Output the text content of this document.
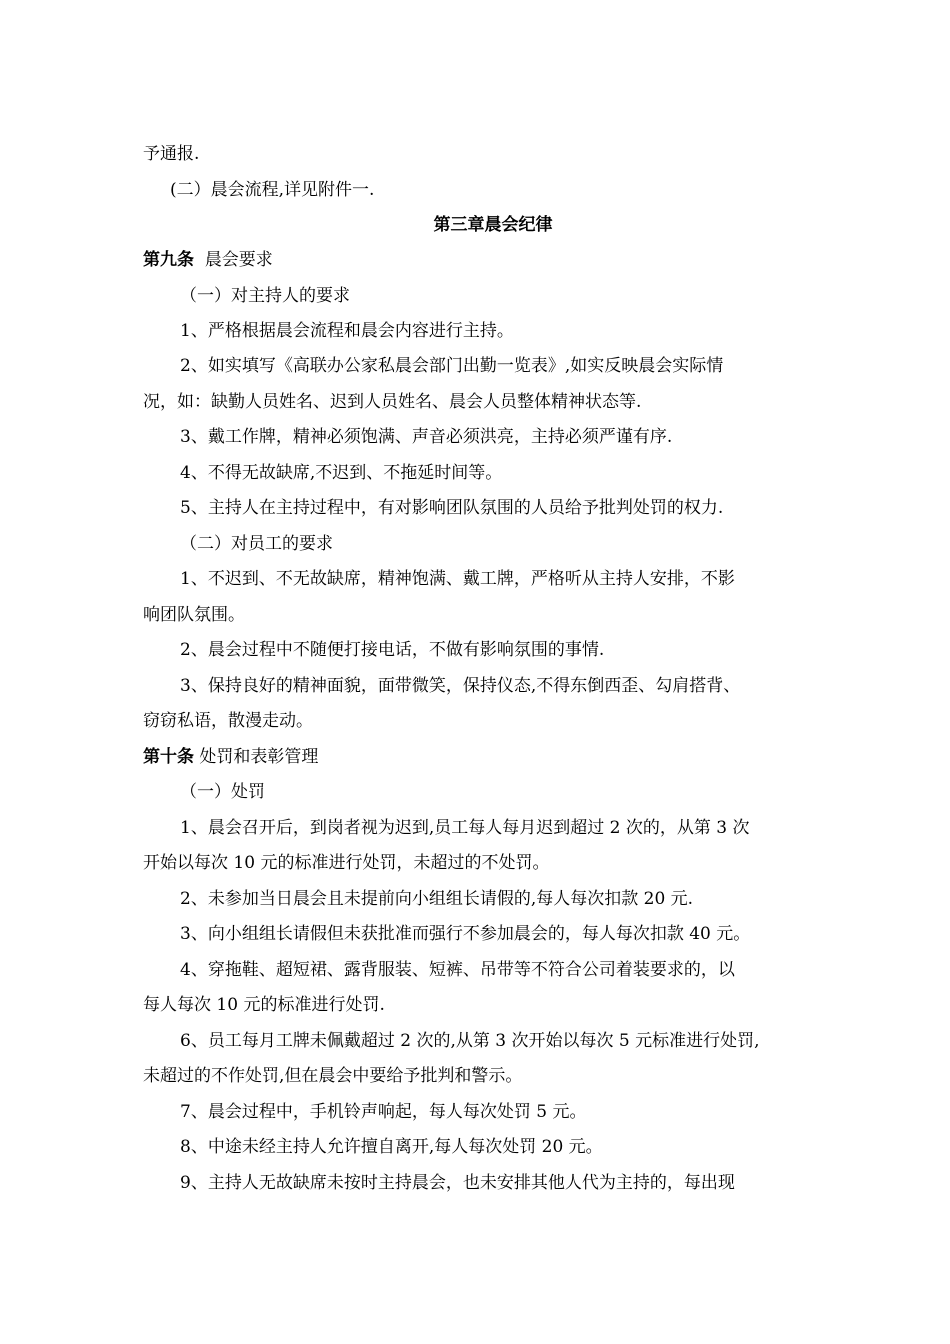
予通报.
(二）晨会流程,详见附件一.
第三章晨会纪律
第九条 晨会要求
（一）对主持人的要求
1、严格根据晨会流程和晨会内容进行主持。
2、如实填写《高联办公家私晨会部门出勤一览表》,如实反映晨会实际情
况，如：缺勤人员姓名、迟到人员姓名、晨会人员整体精神状态等.
3、戴工作牌，精神必须饱满、声音必须洪亮，主持必须严谨有序.
4、不得无故缺席,不迟到、不拖延时间等。
5、主持人在主持过程中，有对影响团队氛围的人员给予批判处罚的权力.
（二）对员工的要求
1、不迟到、不无故缺席，精神饱满、戴工牌，严格听从主持人安排，不影
响团队氛围。
2、晨会过程中不随便打接电话，不做有影响氛围的事情.
3、保持良好的精神面貌，面带微笑，保持仪态,不得东倒西歪、勾肩搭背、
窃窃私语，散漫走动。
第十条 处罚和表彰管理
（一）处罚
1、晨会召开后，到岗者视为迟到,员工每人每月迟到超过 2 次的，从第 3 次
开始以每次 10 元的标准进行处罚，未超过的不处罚。
2、未参加当日晨会且未提前向小组组长请假的,每人每次扣款 20 元.
3、向小组组长请假但未获批准而强行不参加晨会的，每人每次扣款 40 元。
4、穿拖鞋、超短裙、露背服装、短裤、吊带等不符合公司着装要求的，以
每人每次 10 元的标准进行处罚.
6、员工每月工牌未佩戴超过 2 次的,从第 3 次开始以每次 5 元标准进行处罚,
未超过的不作处罚,但在晨会中要给予批判和警示。
7、晨会过程中，手机铃声响起，每人每次处罚 5 元。
8、中途未经主持人允许擅自离开,每人每次处罚 20 元。
9、主持人无故缺席未按时主持晨会，也未安排其他人代为主持的，每出现
